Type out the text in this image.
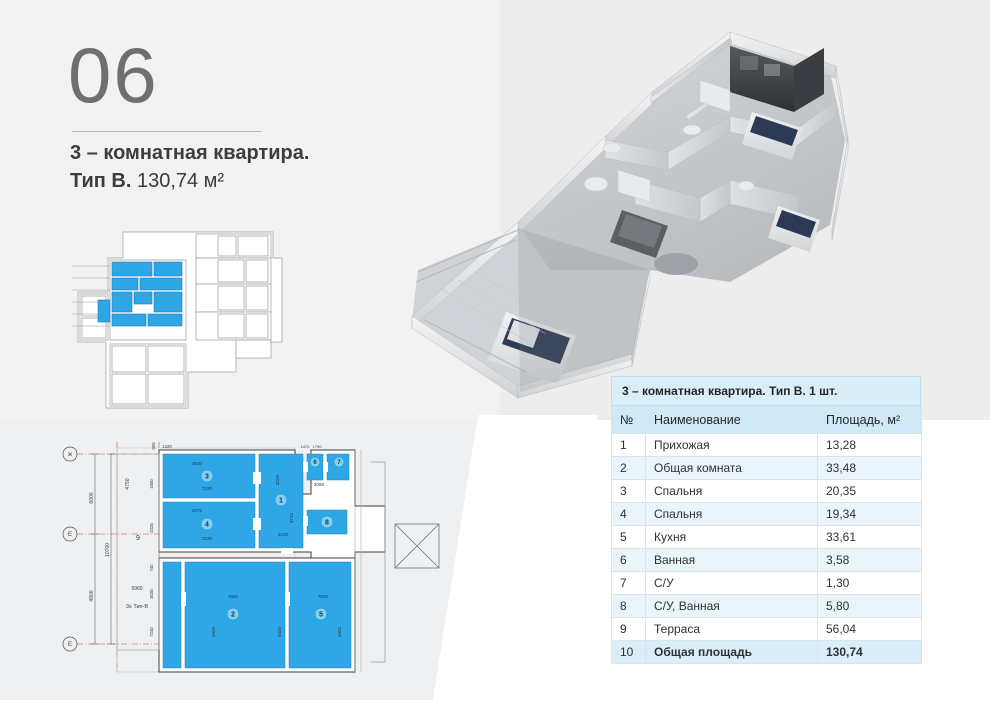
06
3 – комнатная квартира.
Тип B. 130,74 м²
ж
E
E
6000
4800
10700
4750
5960
3х Тип-B
9
3
4
1
6	7
8
2	5
2830
7220
2670
7220
3220
3710
3220
2060
7550
4420	4420
7550
4420
905 1420
1600
2325
740
3020
7240
1470 1790
3 – комнатная квартира. Тип B. 1 шт.
№	Наименование	Площадь, м²
1	Прихожая	13,28
2	Общая комната	33,48
3	Спальня	20,35
4	Спальня	19,34
5	Кухня	33,61
6	Ванная	3,58
7	С/У	1,30
8	С/У, Ванная	5,80
9	Терраса	56,04
10	Общая площадь	130,74
